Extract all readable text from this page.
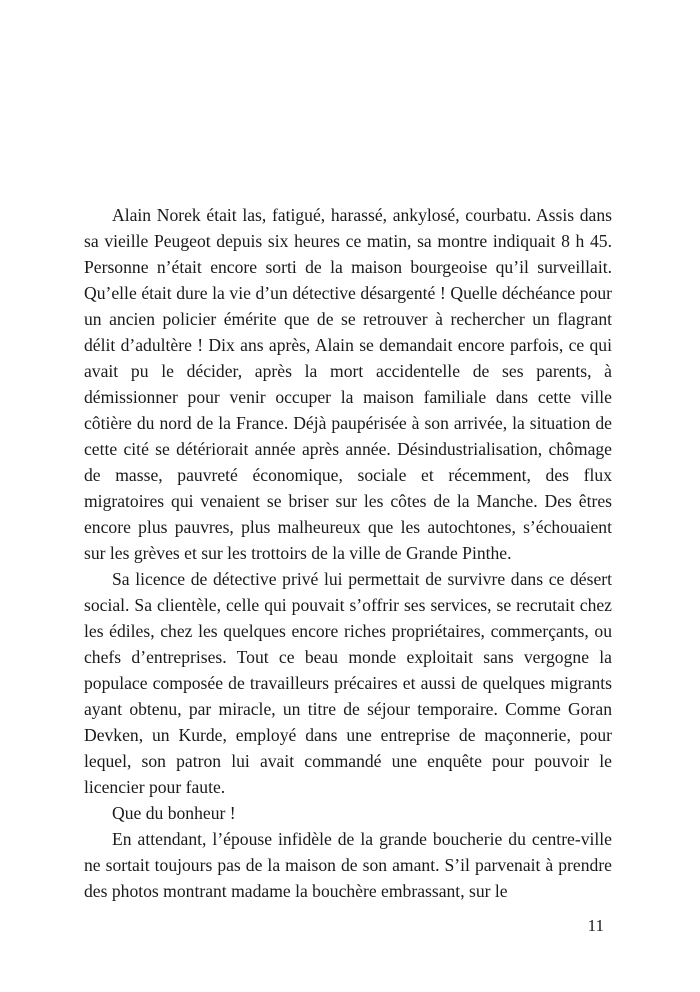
Alain Norek était las, fatigué, harassé, ankylosé, courbatu. Assis dans sa vieille Peugeot depuis six heures ce matin, sa montre indiquait 8 h 45. Personne n’était encore sorti de la maison bourgeoise qu’il surveillait. Qu’elle était dure la vie d’un détective désargenté ! Quelle déchéance pour un ancien policier émérite que de se retrouver à rechercher un flagrant délit d’adultère ! Dix ans après, Alain se demandait encore parfois, ce qui avait pu le décider, après la mort accidentelle de ses parents, à démissionner pour venir occuper la maison familiale dans cette ville côtière du nord de la France. Déjà paupérisée à son arrivée, la situation de cette cité se détériorait année après année. Désindustrialisation, chômage de masse, pauvreté économique, sociale et récemment, des flux migratoires qui venaient se briser sur les côtes de la Manche. Des êtres encore plus pauvres, plus malheureux que les autochtones, s’échouaient sur les grèves et sur les trottoirs de la ville de Grande Pinthe.

Sa licence de détective privé lui permettait de survivre dans ce désert social. Sa clientèle, celle qui pouvait s’offrir ses services, se recrutait chez les édiles, chez les quelques encore riches propriétaires, commerçants, ou chefs d’entreprises. Tout ce beau monde exploitait sans vergogne la populace composée de travailleurs précaires et aussi de quelques migrants ayant obtenu, par miracle, un titre de séjour temporaire. Comme Goran Devken, un Kurde, employé dans une entreprise de maçonnerie, pour lequel, son patron lui avait commandé une enquête pour pouvoir le licencier pour faute.

Que du bonheur !

En attendant, l’épouse infidèle de la grande boucherie du centre-ville ne sortait toujours pas de la maison de son amant. S’il parvenait à prendre des photos montrant madame la bouchère embrassant, sur le

11
